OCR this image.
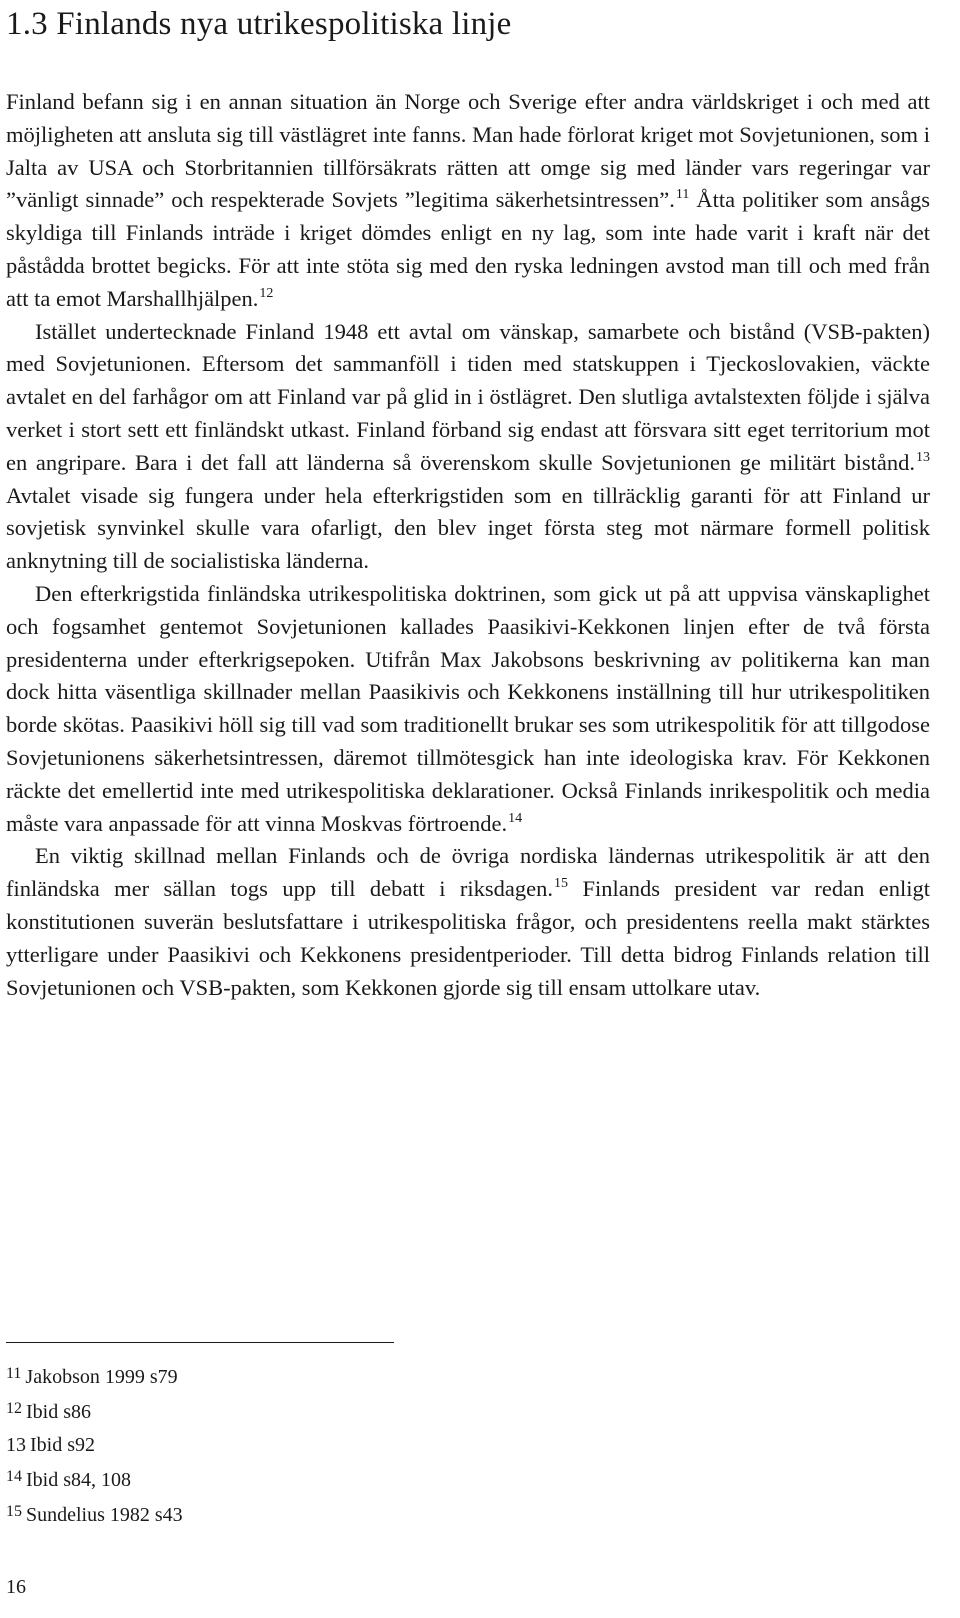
1.3 Finlands nya utrikespolitiska linje

Finland befann sig i en annan situation än Norge och Sverige efter andra världskriget i och med att möjligheten att ansluta sig till västlägret inte fanns. Man hade förlorat kriget mot Sovjetunionen, som i Jalta av USA och Storbritannien tillförsäkrats rätten att omge sig med länder vars regeringar var ”vänligt sinnade” och respekterade Sovjets ”legitima säkerhetsintressen”.$^{11}$ Åtta politiker som ansågs skyldiga till Finlands inträde i kriget dömdes enligt en ny lag, som inte hade varit i kraft när det påstådda brottet begicks. För att inte stöta sig med den ryska ledningen avstod man till och med från att ta emot Marshallhjälpen.$^{12}$

Istället undertecknade Finland 1948 ett avtal om vänskap, samarbete och bistånd (VSB-pakten) med Sovjetunionen. Eftersom det sammanföll i tiden med statskuppen i Tjeckoslovakien, väckte avtalet en del farhågor om att Finland var på glid in i östlägret. Den slutliga avtalstexten följde i själva verket i stort sett ett finländskt utkast. Finland förband sig endast att försvara sitt eget territorium mot en angripare. Bara i det fall att länderna så överenskom skulle Sovjetunionen ge militärt bistånd.$^{13}$ Avtalet visade sig fungera under hela efterkrigstiden som en tillräcklig garanti för att Finland ur sovjetisk synvinkel skulle vara ofarligt, den blev inget första steg mot närmare formell politisk anknytning till de socialistiska länderna.

Den efterkrigstida finländska utrikespolitiska doktrinen, som gick ut på att uppvisa vänskaplighet och fogsamhet gentemot Sovjetunionen kallades Paasikivi-Kekkonen linjen efter de två första presidenterna under efterkrigsepoken. Utifrån Max Jakobsons beskrivning av politikerna kan man dock hitta väsentliga skillnader mellan Paasikivis och Kekkonens inställning till hur utrikespolitiken borde skötas. Paasikivi höll sig till vad som traditionellt brukar ses som utrikespolitik för att tillgodose Sovjetunionens säkerhetsintressen, däremot tillmötesgick han inte ideologiska krav. För Kekkonen räckte det emellertid inte med utrikespolitiska deklarationer. Också Finlands inrikespolitik och media måste vara anpassade för att vinna Moskvas förtroende.$^{14}$

En viktig skillnad mellan Finlands och de övriga nordiska ländernas utrikespolitik är att den finländska mer sällan togs upp till debatt i riksdagen.$^{15}$ Finlands president var redan enligt konstitutionen suverän beslutsfattare i utrikespolitiska frågor, och presidentens reella makt stärktes ytterligare under Paasikivi och Kekkonens presidentperioder. Till detta bidrog Finlands relation till Sovjetunionen och VSB-pakten, som Kekkonen gjorde sig till ensam uttolkare utav.

$^{11}$ Jakobson 1999 s79
$^{12}$ Ibid s86
13 Ibid s92
$^{14}$ Ibid s84, 108
$^{15}$ Sundelius 1982 s43
16
